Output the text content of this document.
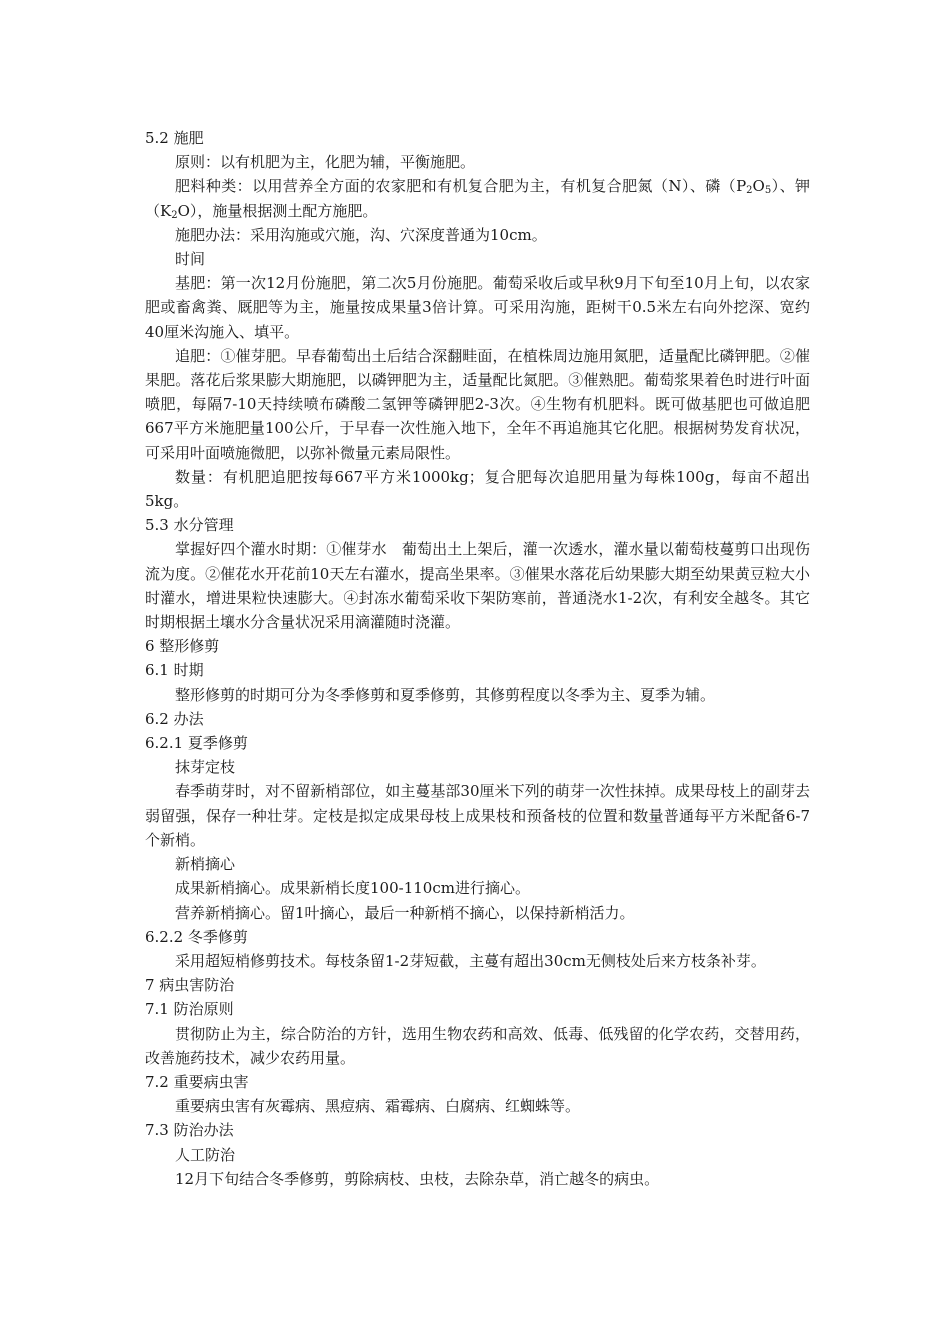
5.2 施肥
原则：以有机肥为主，化肥为辅，平衡施肥。
肥料种类：以用营养全方面的农家肥和有机复合肥为主，有机复合肥氮（N）、磷$(P_2O_5)$、钾$(K_2O)$，施量根据测土配方施肥。
施肥办法：采用沟施或穴施，沟、穴深度普通为10cm。
时间
基肥：第一次12月份施肥，第二次5月份施肥。葡萄采收后或早秋9月下旬至10月上旬，以农家肥或畜禽粪、厩肥等为主，施量按成果量3倍计算。可采用沟施，距树干0.5米左右向外挖深、宽约40厘米沟施入、填平。
追肥：①催芽肥。早春葡萄出土后结合深翻畦面，在植株周边施用氮肥，适量配比磷钾肥。②催果肥。落花后浆果膨大期施肥，以磷钾肥为主，适量配比氮肥。③催熟肥。葡萄浆果着色时进行叶面喷肥，每隔7-10天持续喷布磷酸二氢钾等磷钾肥2-3次。④生物有机肥料。既可做基肥也可做追肥667平方米施肥量100公斤，于早春一次性施入地下，全年不再追施其它化肥。根据树势发育状况，可采用叶面喷施微肥，以弥补微量元素局限性。
数量：有机肥追肥按每667平方米1000kg；复合肥每次追肥用量为每株100g，每亩不超出5kg。
5.3 水分管理
掌握好四个灌水时期：①催芽水　葡萄出土上架后，灌一次透水，灌水量以葡萄枝蔓剪口出现伤流为度。②催花水开花前10天左右灌水，提高坐果率。③催果水落花后幼果膨大期至幼果黄豆粒大小时灌水，增进果粒快速膨大。④封冻水葡萄采收下架防寒前，普通浇水1-2次，有利安全越冬。其它时期根据土壤水分含量状况采用滴灌随时浇灌。
6 整形修剪
6.1 时期
整形修剪的时期可分为冬季修剪和夏季修剪，其修剪程度以冬季为主、夏季为辅。
6.2 办法
6.2.1 夏季修剪
抹芽定枝
春季萌芽时，对不留新梢部位，如主蔓基部30厘米下列的萌芽一次性抹掉。成果母枝上的副芽去弱留强，保存一种壮芽。定枝是拟定成果母枝上成果枝和预备枝的位置和数量普通每平方米配备6-7个新梢。
新梢摘心
成果新梢摘心。成果新梢长度100-110cm进行摘心。
营养新梢摘心。留1叶摘心，最后一种新梢不摘心，以保持新梢活力。
6.2.2 冬季修剪
采用超短梢修剪技术。每枝条留1-2芽短截，主蔓有超出30cm无侧枝处后来方枝条补芽。
7 病虫害防治
7.1 防治原则
贯彻防止为主，综合防治的方针，选用生物农药和高效、低毒、低残留的化学农药，交替用药，改善施药技术，减少农药用量。
7.2 重要病虫害
重要病虫害有灰霉病、黑痘病、霜霉病、白腐病、红蜘蛛等。
7.3 防治办法
人工防治
12月下旬结合冬季修剪，剪除病枝、虫枝，去除杂草，消亡越冬的病虫。
